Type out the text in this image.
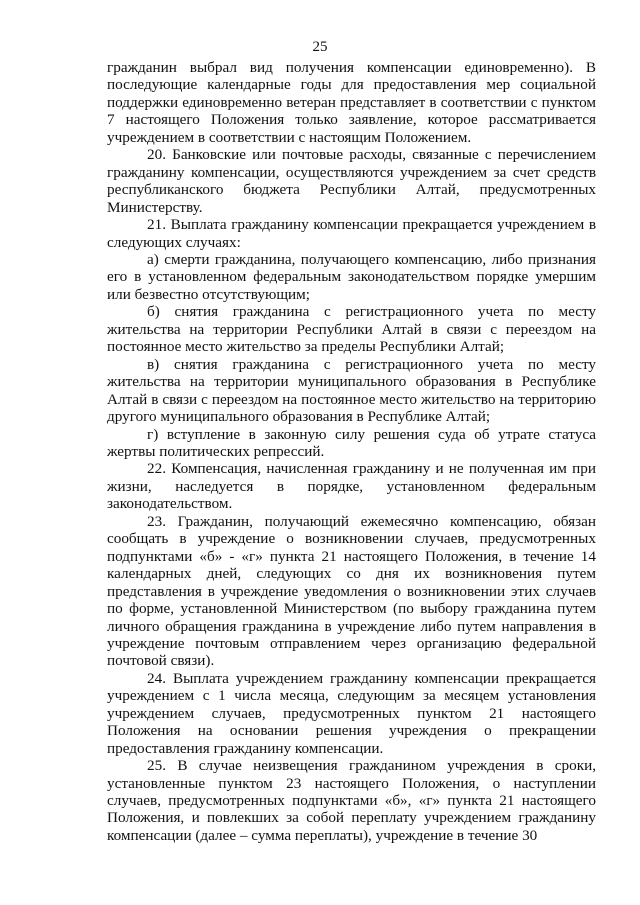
25

гражданин выбрал вид получения компенсации единовременно). В последующие календарные годы для предоставления мер социальной поддержки единовременно ветеран представляет в соответствии с пунктом 7 настоящего Положения только заявление, которое рассматривается учреждением в соответствии с настоящим Положением.

20. Банковские или почтовые расходы, связанные с перечислением гражданину компенсации, осуществляются учреждением за счет средств республиканского бюджета Республики Алтай, предусмотренных Министерству.

21. Выплата гражданину компенсации прекращается учреждением в следующих случаях:

а) смерти гражданина, получающего компенсацию, либо признания его в установленном федеральным законодательством порядке умершим или безвестно отсутствующим;

б) снятия гражданина с регистрационного учета по месту жительства на территории Республики Алтай в связи с переездом на постоянное место жительство за пределы Республики Алтай;

в) снятия гражданина с регистрационного учета по месту жительства на территории муниципального образования в Республике Алтай в связи с переездом на постоянное место жительство на территорию другого муниципального образования в Республике Алтай;

г) вступление в законную силу решения суда об утрате статуса жертвы политических репрессий.

22. Компенсация, начисленная гражданину и не полученная им при жизни, наследуется в порядке, установленном федеральным законодательством.

23. Гражданин, получающий ежемесячно компенсацию, обязан сообщать в учреждение о возникновении случаев, предусмотренных подпунктами «б» - «г» пункта 21 настоящего Положения, в течение 14 календарных дней, следующих со дня их возникновения путем представления в учреждение уведомления о возникновении этих случаев по форме, установленной Министерством (по выбору гражданина путем личного обращения гражданина в учреждение либо путем направления в учреждение почтовым отправлением через организацию федеральной почтовой связи).

24. Выплата учреждением гражданину компенсации прекращается учреждением с 1 числа месяца, следующим за месяцем установления учреждением случаев, предусмотренных пунктом 21 настоящего Положения на основании решения учреждения о прекращении предоставления гражданину компенсации.

25. В случае неизвещения гражданином учреждения в сроки, установленные пунктом 23 настоящего Положения, о наступлении случаев, предусмотренных подпунктами «б», «г» пункта 21 настоящего Положения, и повлекших за собой переплату учреждением гражданину компенсации (далее – сумма переплаты), учреждение в течение 30
